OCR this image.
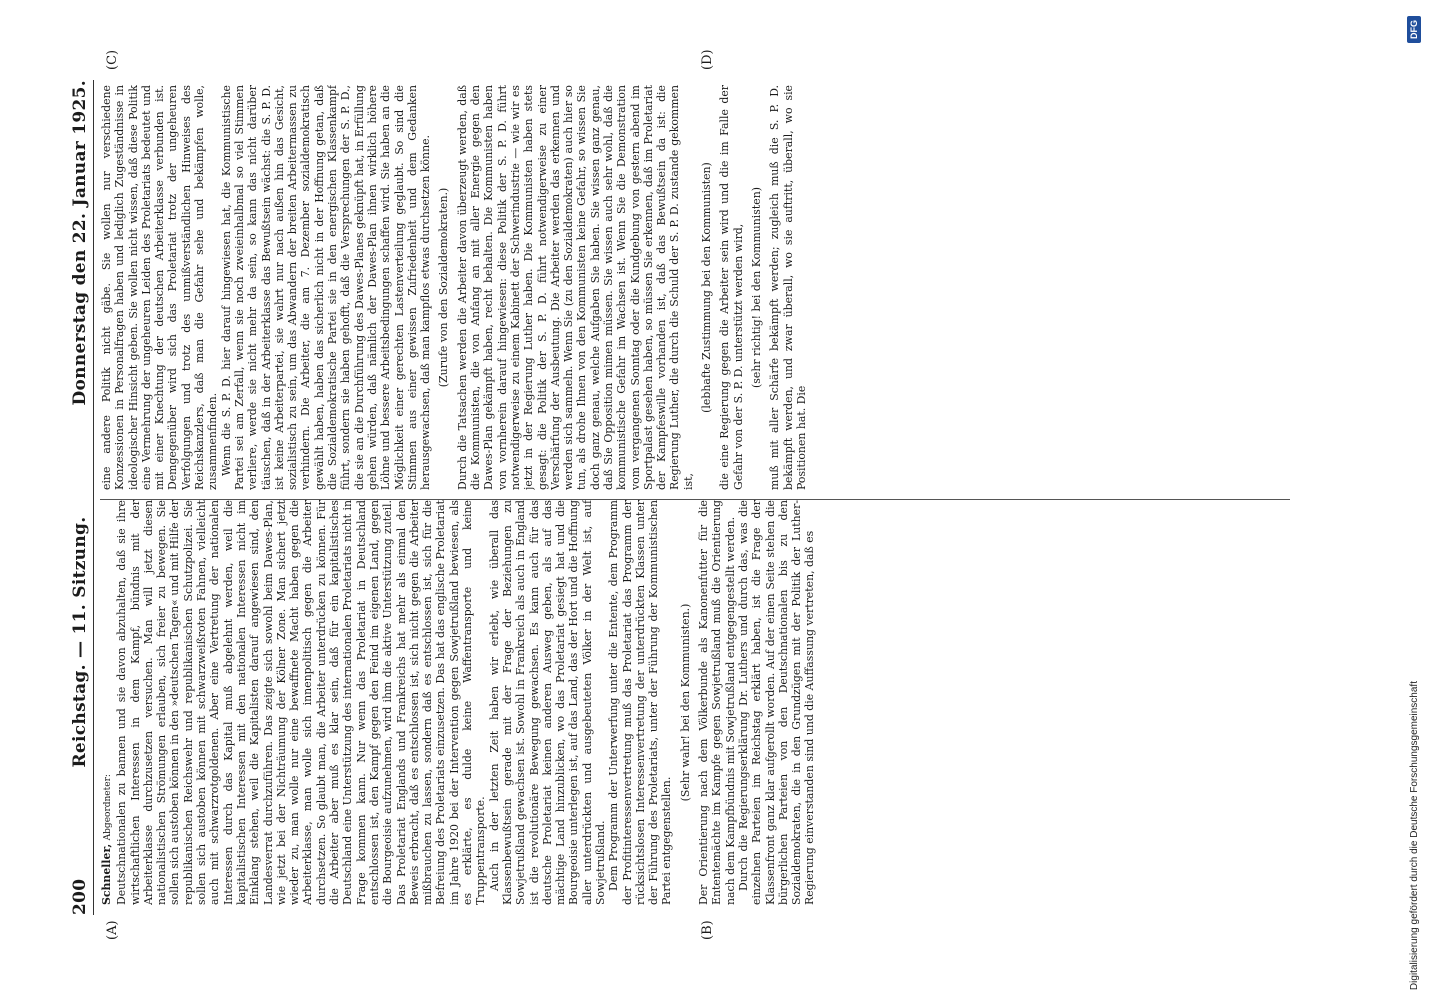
200
Reichstag. — 11. Sitzung.
Donnerstag den 22. Januar 1925.
(A)	(B)
(C)	(D)

Schneller, Abgeordneter: Deutschnationalen zu bannen und sie davon abzuhalten, daß sie ihre wirtschaftlichen Interessen in dem Kampf, bündnis mit der Arbeiterklasse durchzusetzen versuchen. Man will jetzt diesen nationalistischen Strömungen erlauben, sich freier zu bewegen. Sie sollen sich austoben können in den »deutschen Tagen« und mit Hilfe der republikanischen Reichswehr und republikanischen Schutzpolizei. Sie sollen sich austoben können mit schwarzweißroten Fahnen, vielleicht auch mit schwarzrotgoldenen. Aber eine Vertretung der nationalen Interessen durch das Kapital muß abgelehnt werden, weil die kapitalistischen Interessen mit den nationalen Interessen nicht im Einklang stehen, weil die Kapitalisten darauf angewiesen sind, den Landesverrat durchzuführen. Das zeigte sich sowohl beim Dawes-Plan, wie jetzt bei der Nichträumung der Kölner Zone. Man sichert jetzt wieder zu, man wolle nur eine bewaffnete Macht haben gegen die Arbeiterklasse, man wolle sich innenpolitisch gegen die Arbeiter durchsetzen. So glaubt man, die Arbeiter unterdrücken zu können. Für die Arbeiter aber muß es klar sein, daß für ein kapitalistisches Deutschland eine Unterstützung des internationalen Proletariats nicht in Frage kommen kann. Nur wenn das Proletariat in Deutschland entschlossen ist, den Kampf gegen den Feind im eigenen Land, gegen die Bourgeoisie aufzunehmen, wird ihm die aktive Unterstützung zuteil. Das Proletariat Englands und Frankreichs hat mehr als einmal den Beweis erbracht, daß es entschlossen ist, sich nicht gegen die Arbeiter mißbrauchen zu lassen, sondern daß es entschlossen ist, sich für die Befreiung des Proletariats einzusetzen. Das hat das englische Proletariat im Jahre 1920 bei der Intervention gegen Sowjetrußland bewiesen, als es erklärte, es dulde keine Waffentransporte und keine Truppentransporte. Auch in der letzten Zeit haben wir erlebt, wie überall das Klassenbewußtsein gerade mit der Frage der Beziehungen zu Sowjetrußland gewachsen ist. Sowohl in Frankreich als auch in England ist die revolutionäre Bewegung gewachsen. Es kann auch für das deutsche Proletariat keinen anderen Ausweg geben, als auf das mächtige Land hinzublicken, wo das Proletariat gesiegt hat und die Bourgeoisie unterlegen ist, auf das Land, das der Hort und die Hoffnung aller unterdrückten und ausgebeuteten Völker in der Welt ist, auf Sowjetrußland. Dem Programm der Unterwerfung unter die Entente, dem Programm der Profitinteressenvertretung muß das Proletariat das Programm der rücksichtslosen Interessenvertretung der unterdrückten Klassen unter der Führung des Proletariats, unter der Führung der Kommunistischen Partei entgegenstellen.

(Sehr wahr! bei den Kommunisten.) Der Orientierung nach dem Völkerbunde als Kanonenfutter für die Ententemächte im Kampfe gegen Sowjetrußland muß die Orientierung nach dem Kampfbündnis mit Sowjetrußland entgegengestellt werden. Durch die Regierungserklärung Dr. Luthers und durch das, was die einzelnen Parteien im Reichstag erklärt haben, ist die Frage der Klassenfront ganz klar aufgerollt worden. Auf der einen Seite stehen die bürgerlichen Parteien von den Deutschnationalen bis zu den Sozialdemokraten, die in den Grundzügen mit der Politik der Luther-Regierung einverstanden sind und die Auffassung vertreten, daß es

eine andere Politik nicht gäbe. Sie wollen nur verschiedene Konzessionen in Personalfragen haben und lediglich Zugeständnisse in ideologischer Hinsicht geben. Sie wollen nicht wissen, daß diese Politik eine Vermehrung der ungeheuren Leiden des Proletariats bedeutet und mit einer Knechtung der deutschen Arbeiterklasse verbunden ist. Demgegenüber wird sich das Proletariat trotz der ungeheuren Verfolgungen und trotz des unmißverständlichen Hinweises des Reichskanzlers, daß man die Gefahr sehe und bekämpfen wolle, zusammenfinden. Wenn die S. P. D. hier darauf hingewiesen hat, die Kommunistische Partei sei am Zerfall, wenn sie noch zweieinhalbmal so viel Stimmen verliere, werde sie nicht mehr da sein, so kann das nicht darüber täuschen, daß in der Arbeiterklasse das Bewußtsein wächst: die S. P. D. ist keine Arbeiterpartei, sie wahrt nur nach außen hin das Gesicht, sozialistisch zu sein, um das Abwandern der breiten Arbeitermassen zu verhindern. Die Arbeiter, die am 7. Dezember sozialdemokratisch gewählt haben, haben das sicherlich nicht in der Hoffnung getan, daß die Sozialdemokratische Partei sie in den energischen Klassenkampf führt, sondern sie haben gehofft, daß die Versprechungen der S. P. D., die sie an die Durchführung des Dawes-Planes geknüpft hat, in Erfüllung gehen würden, daß nämlich der Dawes-Plan ihnen wirklich höhere Löhne und bessere Arbeitsbedingungen schaffen wird. Sie haben an die Möglichkeit einer gerechten Lastenverteilung geglaubt. So sind die Stimmen aus einer gewissen Zufriedenheit und dem Gedanken herausgewachsen, daß man kampflos etwas durchsetzen könne. (Zurufe von den Sozialdemokraten.) Durch die Tatsachen werden die Arbeiter davon überzeugt werden, daß die Kommunisten, die von Anfang an mit aller Energie gegen den Dawes-Plan gekämpft haben, recht behalten. Die Kommunisten haben von vornherein darauf hingewiesen: diese Politik der S. P. D. führt notwendigerweise zu einem Kabinett der Schwerindustrie — wie wir es jetzt in der Regierung Luther haben. Die Kommunisten haben stets gesagt: die Politik der S. P. D. führt notwendigerweise zu einer Verschärfung der Ausbeutung. Die Arbeiter werden das erkennen und werden sich sammeln. Wenn Sie (zu den Sozialdemokraten) auch hier so tun, als drohe Ihnen von den Kommunisten keine Gefahr, so wissen Sie doch ganz genau, welche Aufgaben Sie haben. Sie wissen ganz genau, daß Sie Opposition mimen müssen. Sie wissen auch sehr wohl, daß die kommunistische Gefahr im Wachsen ist. Wenn Sie die Demonstration vom vergangenen Sonntag oder die Kundgebung von gestern abend im Sportpalast gesehen haben, so müssen Sie erkennen, daß im Proletariat der Kampfeswille vorhanden ist, daß das Bewußtsein da ist: die Regierung Luther, die durch die Schuld der S. P. D. zustande gekommen ist,

(lebhafte Zustimmung bei den Kommunisten) die eine Regierung gegen die Arbeiter sein wird und die im Falle der Gefahr von der S. P. D. unterstützt werden wird, (sehr richtig! bei den Kommunisten) muß mit aller Schärfe bekämpft werden; zugleich muß die S. P. D. bekämpft werden, und zwar überall, wo sie auftritt, überall, wo sie Positionen hat. Die

DFG
Digitalisierung gefördert durch die Deutsche Forschungsgemeinschaft
